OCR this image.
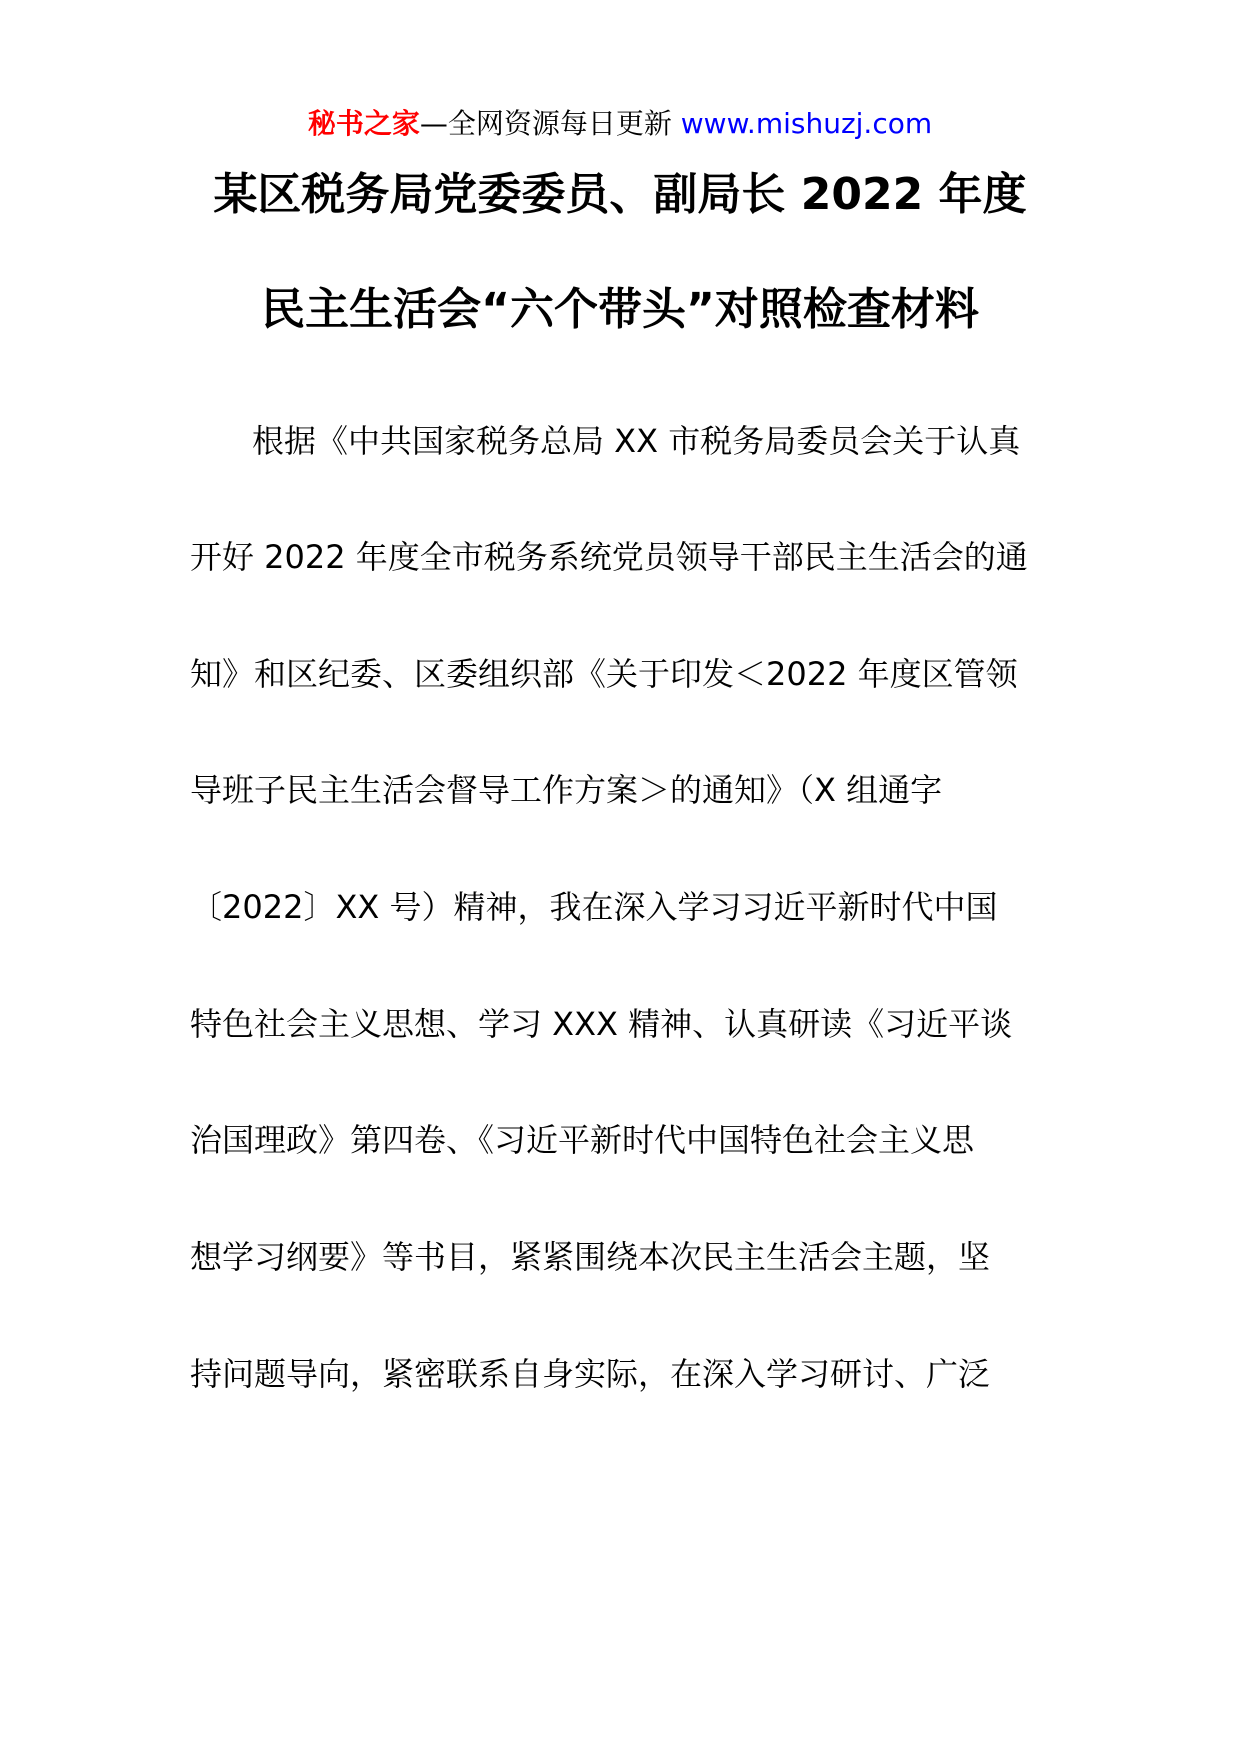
秘书之家—全网资源每日更新 www.mishuzj.com
某区税务局党委委员、副局长 2022 年度
民主生活会“六个带头”对照检查材料
根据《中共国家税务总局 XX 市税务局委员会关于认真
开好 2022 年度全市税务系统党员领导干部民主生活会的通
知》和区纪委、区委组织部《关于印发＜2022 年度区管领
导班子民主生活会督导工作方案＞的通知》（X 组通字
〔2022〕XX 号）精神，我在深入学习习近平新时代中国
特色社会主义思想、学习 XXX 精神、认真研读《习近平谈
治国理政》第四卷、《习近平新时代中国特色社会主义思
想学习纲要》等书目，紧紧围绕本次民主生活会主题，坚
持问题导向，紧密联系自身实际，在深入学习研讨、广泛
